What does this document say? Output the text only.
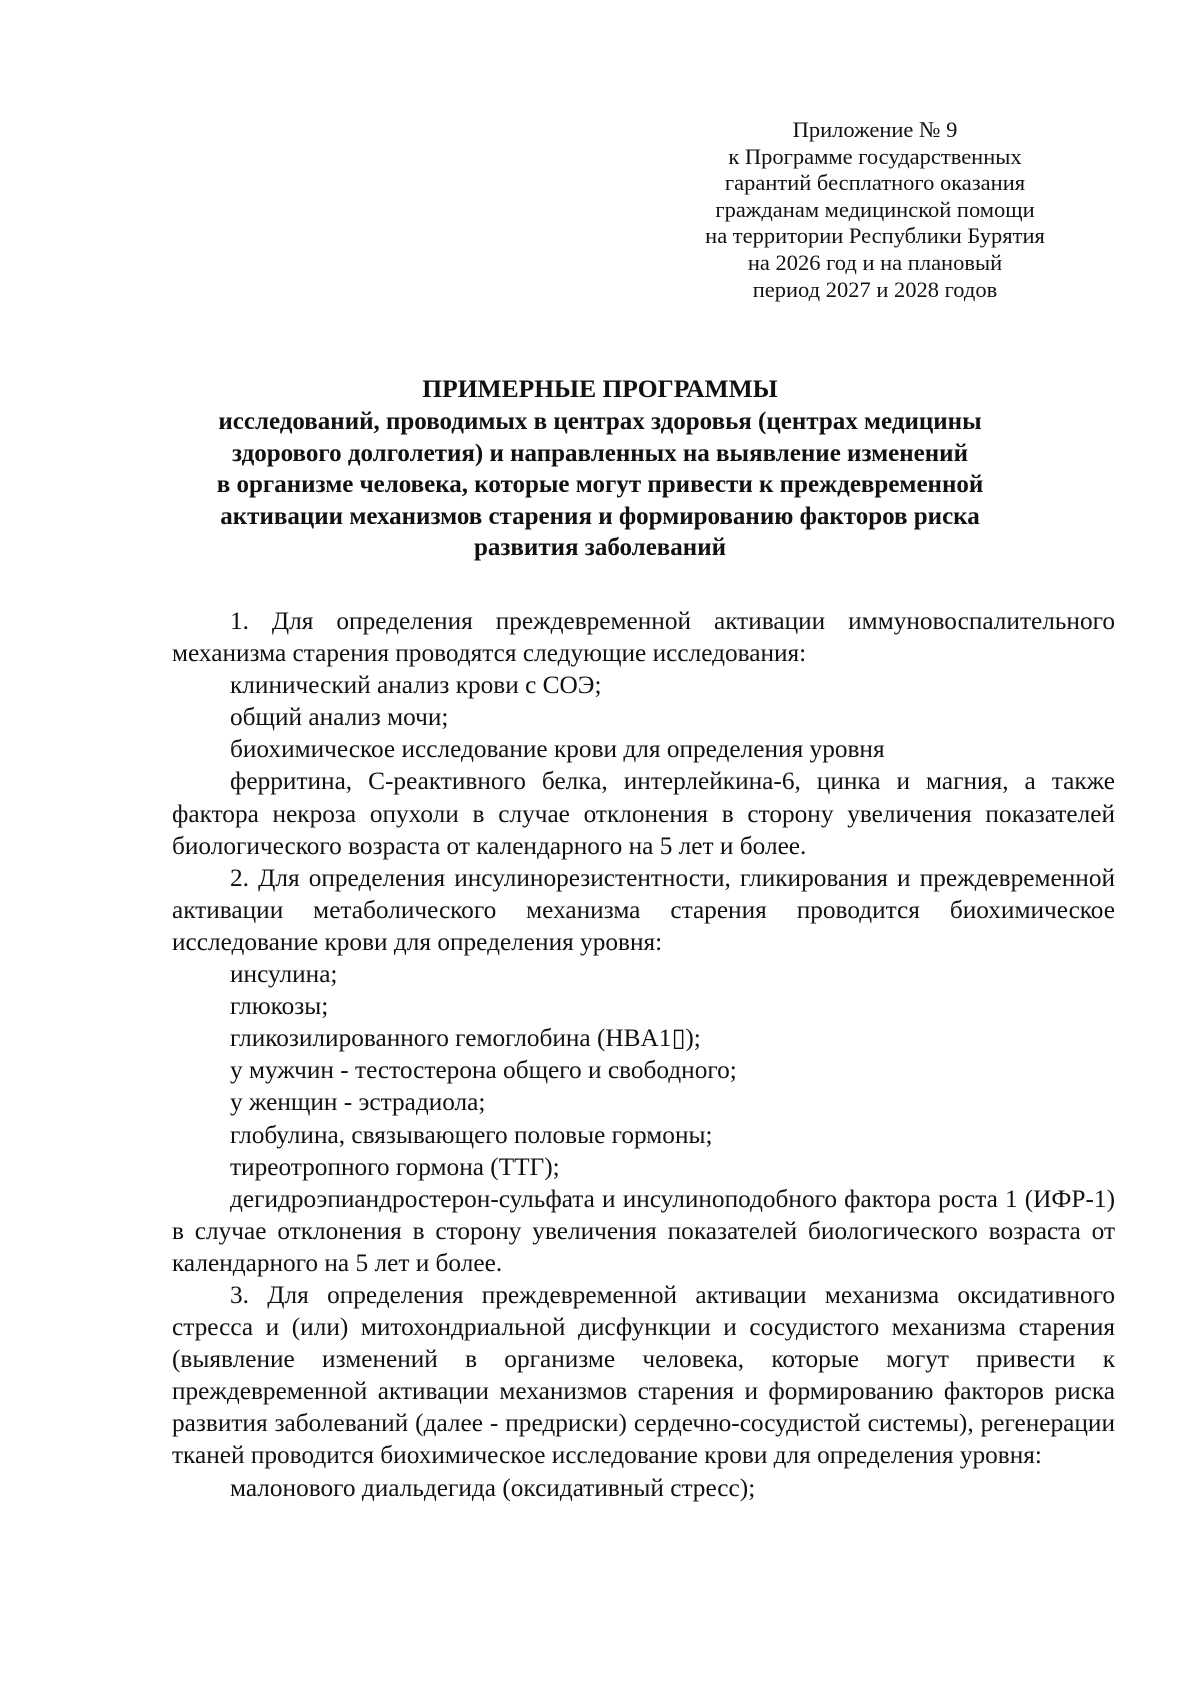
Приложение № 9
к Программе государственных
гарантий бесплатного оказания
гражданам медицинской помощи
на территории Республики Бурятия
на 2026 год и на плановый
период 2027 и 2028 годов
ПРИМЕРНЫЕ ПРОГРАММЫ
исследований, проводимых в центрах здоровья (центрах медицины
здорового долголетия) и направленных на выявление изменений
в организме человека, которые могут привести к преждевременной
активации механизмов старения и формированию факторов риска
развития заболеваний
1. Для определения преждевременной активации иммуновоспалительного механизма старения проводятся следующие исследования:
клинический анализ крови с СОЭ;
общий анализ мочи;
биохимическое исследование крови для определения уровня
ферритина, С-реактивного белка, интерлейкина-6, цинка и магния, а также фактора некроза опухоли в случае отклонения в сторону увеличения показателей биологического возраста от календарного на 5 лет и более.
2. Для определения инсулинорезистентности, гликирования и преждевременной активации метаболического механизма старения проводится биохимическое исследование крови для определения уровня:
инсулина;
глюкозы;
гликозилированного гемоглобина (HBA1▯);
у мужчин - тестостерона общего и свободного;
у женщин - эстрадиола;
глобулина, связывающего половые гормоны;
тиреотропного гормона (ТТГ);
дегидроэпиандростерон-сульфата и инсулиноподобного фактора роста 1 (ИФР-1) в случае отклонения в сторону увеличения показателей биологического возраста от календарного на 5 лет и более.
3. Для определения преждевременной активации механизма оксидативного стресса и (или) митохондриальной дисфункции и сосудистого механизма старения (выявление изменений в организме человека, которые могут привести к преждевременной активации механизмов старения и формированию факторов риска развития заболеваний (далее - предриски) сердечно-сосудистой системы), регенерации тканей проводится биохимическое исследование крови для определения уровня:
малонового диальдегида (оксидативный стресс);
